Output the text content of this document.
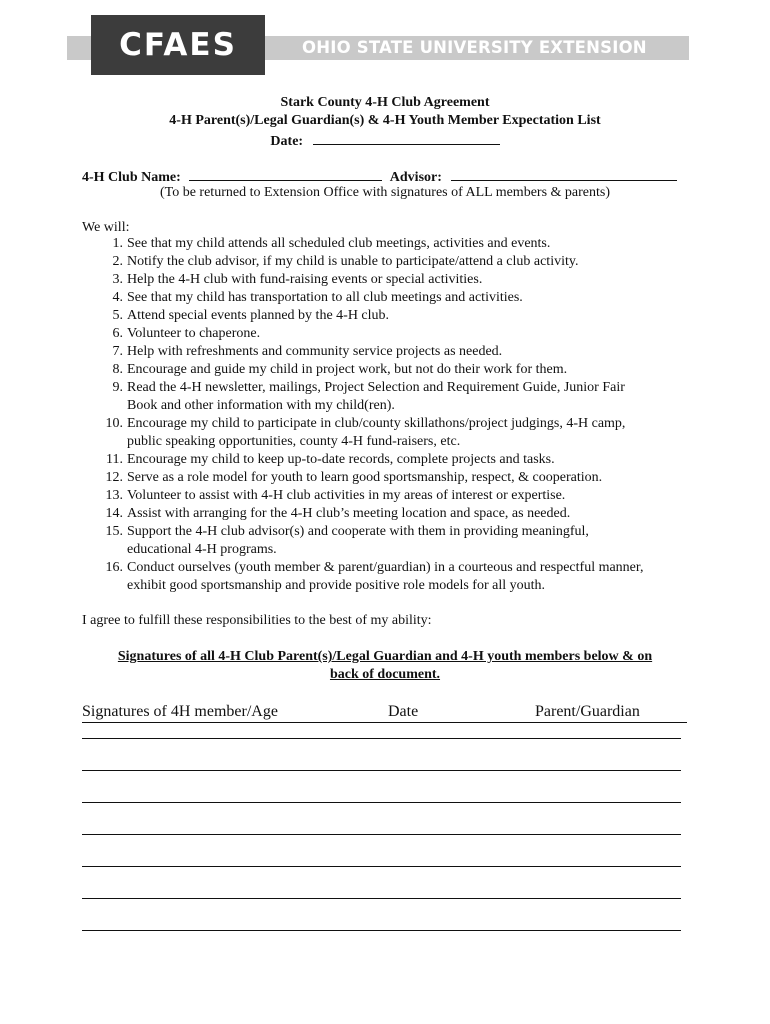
CFAES	OHIO STATE UNIVERSITY EXTENSION
Stark County 4-H Club Agreement
4-H Parent(s)/Legal Guardian(s) & 4-H Youth Member Expectation List
Date:
4-H Club Name:	Advisor:
(To be returned to Extension Office with signatures of ALL members & parents)
We will:
1. See that my child attends all scheduled club meetings, activities and events.
2. Notify the club advisor, if my child is unable to participate/attend a club activity.
3. Help the 4-H club with fund-raising events or special activities.
4. See that my child has transportation to all club meetings and activities.
5. Attend special events planned by the 4-H club.
6. Volunteer to chaperone.
7. Help with refreshments and community service projects as needed.
8. Encourage and guide my child in project work, but not do their work for them.
9. Read the 4-H newsletter, mailings, Project Selection and Requirement Guide, Junior Fair
Book and other information with my child(ren).
10. Encourage my child to participate in club/county skillathons/project judgings, 4-H camp,
public speaking opportunities, county 4-H fund-raisers, etc.
11. Encourage my child to keep up-to-date records, complete projects and tasks.
12. Serve as a role model for youth to learn good sportsmanship, respect, & cooperation.
13. Volunteer to assist with 4-H club activities in my areas of interest or expertise.
14. Assist with arranging for the 4-H club’s meeting location and space, as needed.
15. Support the 4-H club advisor(s) and cooperate with them in providing meaningful,
educational 4-H programs.
16. Conduct ourselves (youth member & parent/guardian) in a courteous and respectful manner,
exhibit good sportsmanship and provide positive role models for all youth.
I agree to fulfill these responsibilities to the best of my ability:
Signatures of all 4-H Club Parent(s)/Legal Guardian and 4-H youth members below & on
back of document.
Signatures of 4H member/Age	Date	Parent/Guardian
